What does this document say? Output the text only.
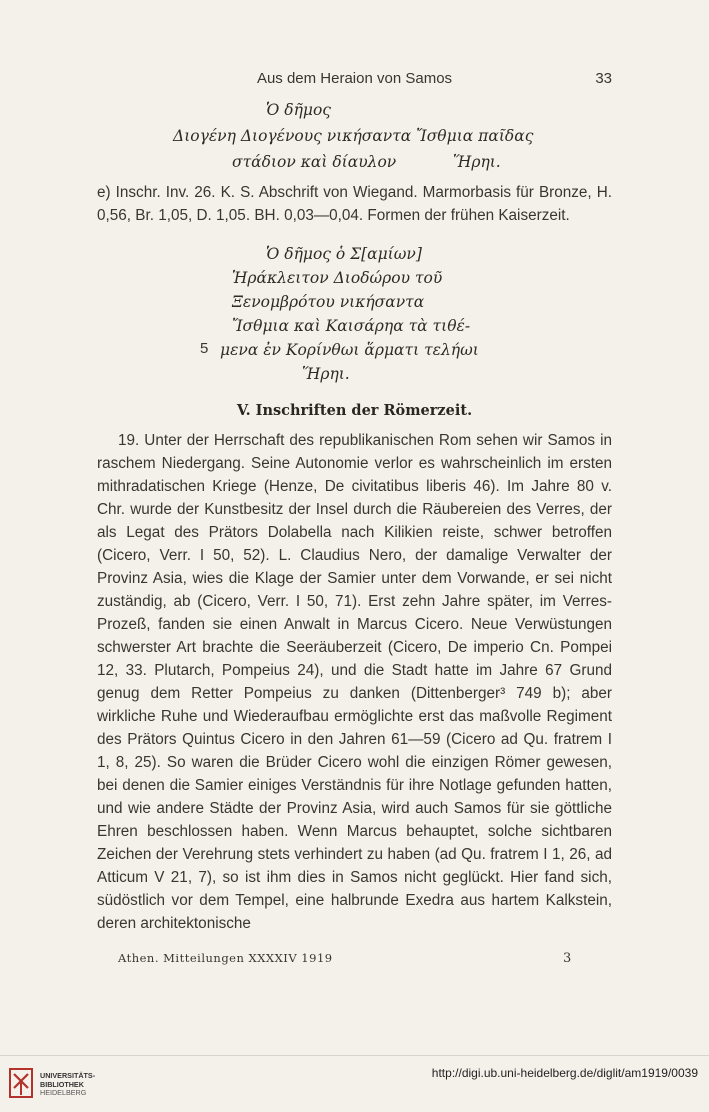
Aus dem Heraion von Samos	33
Ὁ δῆμος
Διογένη Διογένους νικήσαντα Ἴσθμια παῖδας
στάδιον καὶ δίαυλον	Ἥρηι.

e) Inschr. Inv. 26. K. S. Abschrift von Wiegand. Marmorbasis für Bronze, H. 0,56, Br. 1,05, D. 1,05. BH. 0,03—0,04. Formen der frühen Kaiserzeit.

Ὁ δῆμος ὁ Σ[αμίων]
Ἡράκλειτον Διοδώρου τοῦ
Ξενομβρότου νικήσαντα
Ἴσθμια καὶ Καισάρηα τὰ τιθέ-
5 μενα ἐν Κορίνθωι ἅρματι τελήωι
Ἥρηι.
V. Inschriften der Römerzeit.

19. Unter der Herrschaft des republikanischen Rom sehen wir Samos in raschem Niedergang. Seine Autonomie verlor es wahrscheinlich im ersten mithradatischen Kriege (Henze, De civitatibus liberis 46). Im Jahre 80 v. Chr. wurde der Kunstbesitz der Insel durch die Räubereien des Verres, der als Legat des Prätors Dolabella nach Kilikien reiste, schwer betroffen (Cicero, Verr. I 50, 52). L. Claudius Nero, der damalige Verwalter der Provinz Asia, wies die Klage der Samier unter dem Vorwande, er sei nicht zuständig, ab (Cicero, Verr. I 50, 71). Erst zehn Jahre später, im Verres-Prozeß, fanden sie einen Anwalt in Marcus Cicero. Neue Verwüstungen schwerster Art brachte die Seeräuberzeit (Cicero, De imperio Cn. Pompei 12, 33. Plutarch, Pompeius 24), und die Stadt hatte im Jahre 67 Grund genug dem Retter Pompeius zu danken (Dittenberger³ 749 b); aber wirkliche Ruhe und Wiederaufbau ermöglichte erst das maßvolle Regiment des Prätors Quintus Cicero in den Jahren 61—59 (Cicero ad Qu. fratrem I 1, 8, 25). So waren die Brüder Cicero wohl die einzigen Römer gewesen, bei denen die Samier einiges Verständnis für ihre Notlage gefunden hatten, und wie andere Städte der Provinz Asia, wird auch Samos für sie göttliche Ehren beschlossen haben. Wenn Marcus behauptet, solche sichtbaren Zeichen der Verehrung stets verhindert zu haben (ad Qu. fratrem I 1, 26, ad Atticum V 21, 7), so ist ihm dies in Samos nicht geglückt. Hier fand sich, südöstlich vor dem Tempel, eine halbrunde Exedra aus hartem Kalkstein, deren architektonische

Athen. Mitteilungen XXXXIV 1919	3
UNIVERSITÄTS-
BIBLIOTHEK
HEIDELBERG
http://digi.ub.uni-heidelberg.de/diglit/am1919/0039
